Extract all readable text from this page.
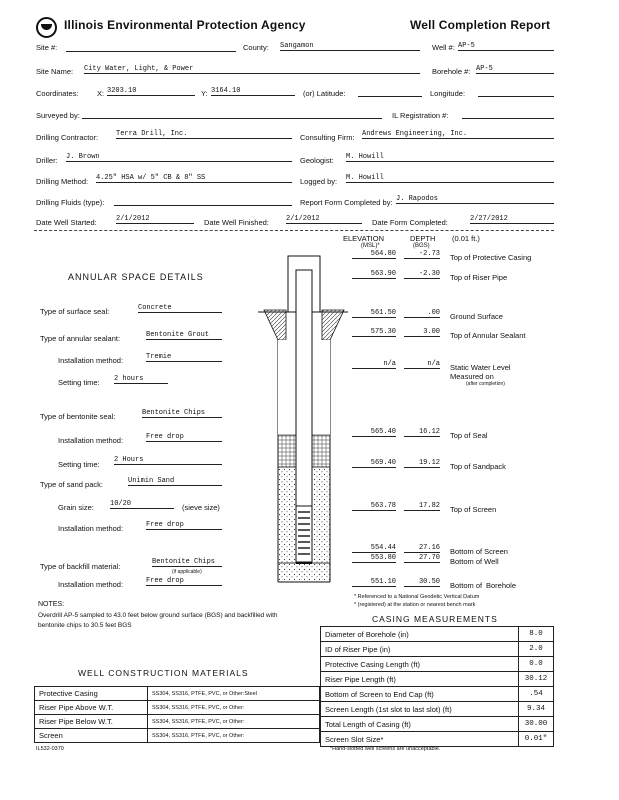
Illinois Environmental Protection Agency	Well Completion Report
Site #:	County: Sangamon	Well #: AP-5
Site Name: City Water, Light, & Power	Borehole #: AP-5
Coordinates: X: 3203.10	Y: 3164.10	(or) Latitude:	Longitude:
Surveyed by:	IL Registration #:
Drilling Contractor:	Terra Drill, Inc.	Consulting Firm: Andrews Engineering, Inc.
Driller: J. Brown	Geologist: M. Howill
Drilling Method: 4.25" HSA w/ 5" CB & 8" SS	Logged by: M. Howill
Drilling Fluids (type):	Report Form Completed by: J. Rapodos
Date Well Started:	2/1/2012	Date Well Finished: 2/1/2012	Date Form Completed:	2/27/2012
ELEVATION
(MSL)*
DEPTH
(BGS)
(0.01 ft.)
ANNULAR SPACE DETAILS
Type of surface seal:	Concrete
Type of annular sealant:	Bentonite Grout
Installation method:	Tremie
Setting time: 2 hours
Type of bentonite seal:	Bentonite Chips
Installation method:	Free drop
Setting time: 2 Hours
Type of sand pack:	Unimin Sand
Grain size: 10/20	(sieve size)
Installation method:	Free drop
Type of backfill material:	Bentonite Chips
(if applicable)
Installation method:	Free drop
564.80	-2.73 Top of Protective Casing
563.90	-2.30 Top of Riser Pipe
561.50	.00 Ground Surface
575.30	3.00 Top of Annular Sealant
n/a	n/a Static Water Level
Measured on
(after completion)
565.40	16.12 Top of Seal
569.40	19.12 Top of Sandpack
563.78	17.82 Top of Screen
554.44	27.16 Bottom of Screen
553.80	27.70 Bottom of Well
551.10	30.50 Bottom of Borehole
NOTES:
Overdrill AP-5 sampled to 43.0 feet below ground surface (BGS) and backfilled with bentonite chips to 30.5 feet BGS
* Referenced to a National Geodetic Vertical Datum
* (registered) at the station or nearest bench mark
CASING MEASUREMENTS
Diameter of Borehole (in)	8.0
ID of Riser Pipe (in)	2.0
Protective Casing Length (ft)	0.0
Riser Pipe Length (ft)	30.12
Bottom of Screen to End Cap (ft)	.54
Screen Length (1st slot to last slot) (ft)	9.34
Total Length of Casing (ft)	30.00
Screen Slot Size*	0.01"
*Hand-slotted well screens are unacceptable.
WELL CONSTRUCTION MATERIALS
Protective Casing	SS304, SS316, PTFE, PVC, or Other:Steel
Riser Pipe Above W.T.	SS304, SS316, PTFE, PVC, or Other:
Riser Pipe Below W.T.	SS304, SS316, PTFE, PVC, or Other:
Screen	SS304, SS316, PTFE, PVC, or Other:
IL532-0370
